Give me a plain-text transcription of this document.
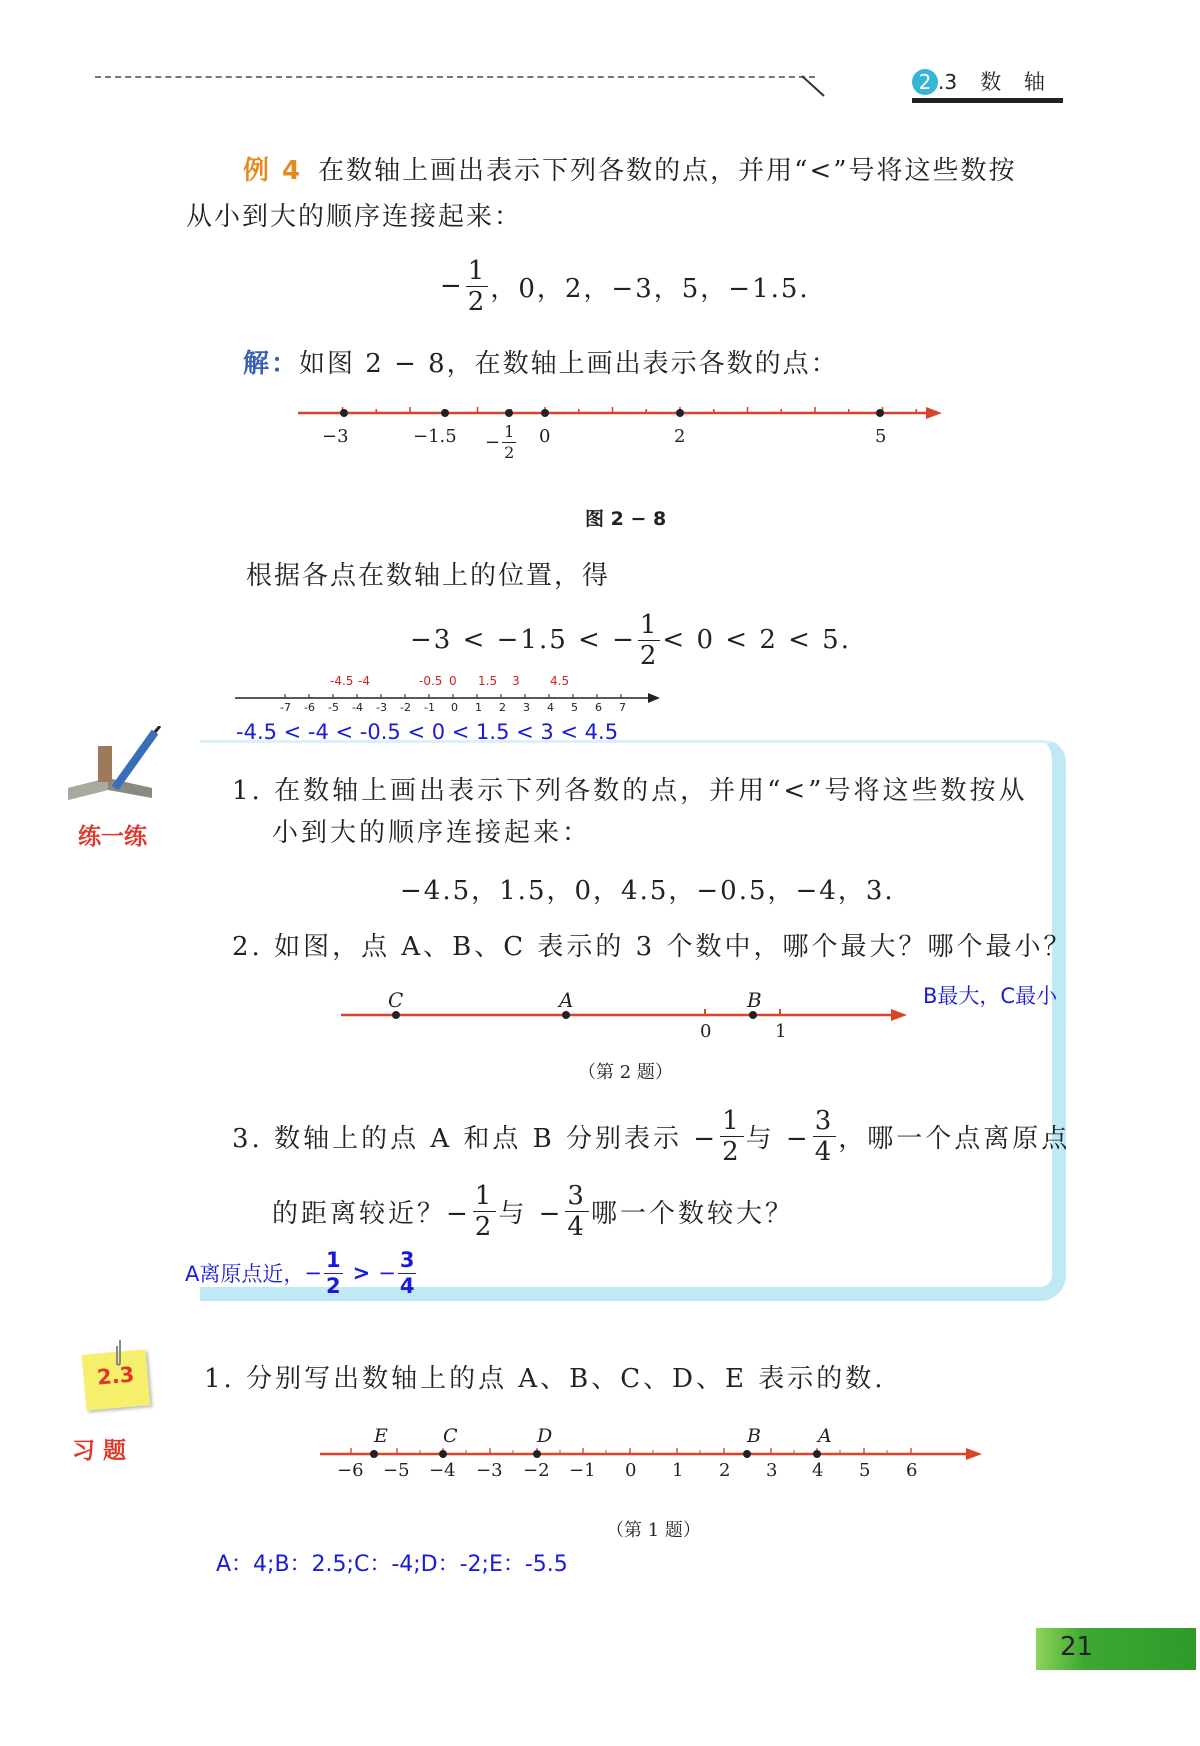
2 .3 数 轴
例 4 在数轴上画出表示下列各数的点，并用“<”号将这些数按
从小到大的顺序连接起来：
− $\frac{1}{2}$ ，0，2，−3，5，−1.5.
解：如图 2 − 8，在数轴上画出表示各数的点：
−3	$-1.5 - \frac{1}{2} 0$	2	5
图 2 − 8
根据各点在数轴上的位置，得
−3 < −1.5 < − $\frac{1}{2} < 0 < 2 < 5$.
-4.5 -4	-0.5 0 1.5 3	4.5
-7 -6 -5 -4 -3 -2 -1 0 1 2 3 4 5 6 7
-4.5 < -4 < -0.5 < 0 < 1.5 < 3 < 4.5
练一练
1. 在数轴上画出表示下列各数的点，并用“<”号将这些数按从
小到大的顺序连接起来：
−4.5，1.5，0，4.5，−0.5，−4，3.
2. 如图，点 A、B、C 表示的 3 个数中，哪个最大？哪个最小？
C	A	B
0	1
（第 2 题）
B最大，C最小
3. 数轴上的点 A 和点 B 分别表示 − $\frac{1}{2}$ 与 − $\frac{3}{4}$ ，哪一个点离原点
的距离较近？− $\frac{1}{2}$ 与 − $\frac{3}{4}$ 哪一个数较大？
A离原点近， − $\frac{1}{2}$ > − $\frac{3}{4}$
2.3
习 题
1. 分别写出数轴上的点 A、B、C、D、E 表示的数.
E	C	D	B	A
−6 −5 −4 −3 −2 −1 0 1 2 3 4 5 6
（第 1 题）
A：4;B：2.5;C：-4;D：-2;E：-5.5
21
